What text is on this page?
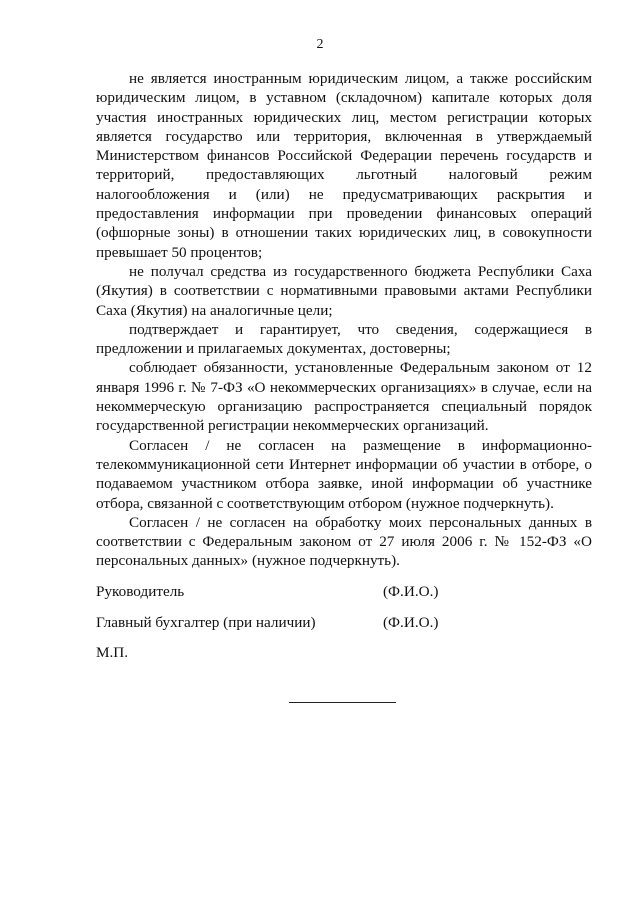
2

не является иностранным юридическим лицом, а также российским юридическим лицом, в уставном (складочном) капитале которых доля участия иностранных юридических лиц, местом регистрации которых является государство или территория, включенная в утверждаемый Министерством финансов Российской Федерации перечень государств и территорий, предоставляющих льготный налоговый режим налогообложения и (или) не предусматривающих раскрытия и предоставления информации при проведении финансовых операций (офшорные зоны) в отношении таких юридических лиц, в совокупности превышает 50 процентов;

не получал средства из государственного бюджета Республики Саха (Якутия) в соответствии с нормативными правовыми актами Республики Саха (Якутия) на аналогичные цели;

подтверждает и гарантирует, что сведения, содержащиеся в предложении и прилагаемых документах, достоверны;

соблюдает обязанности, установленные Федеральным законом от 12 января 1996 г. № 7-ФЗ «О некоммерческих организациях» в случае, если на некоммерческую организацию распространяется специальный порядок государственной регистрации некоммерческих организаций.

Согласен / не согласен на размещение в информационно-телекоммуникационной сети Интернет информации об участии в отборе, о подаваемом участником отбора заявке, иной информации об участнике отбора, связанной с соответствующим отбором (нужное подчеркнуть).

Согласен / не согласен на обработку моих персональных данных в соответствии с Федеральным законом от 27 июля 2006 г. № 152-ФЗ «О персональных данных» (нужное подчеркнуть).

Руководитель	(Ф.И.О.)
Главный бухгалтер (при наличии)	(Ф.И.О.)
М.П.
